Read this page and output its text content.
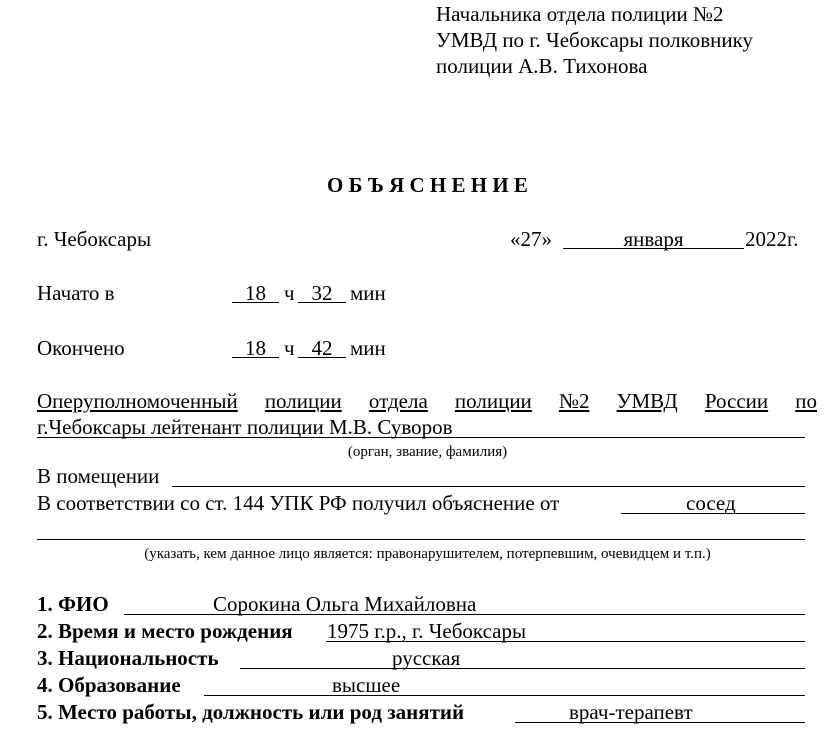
Начальника отдела полиции №2
УМВД по г. Чебоксары полковнику
полиции А.В. Тихонова
О Б Ъ Я С Н Е Н И Е
г. Чебоксары	«27»	января	2022г.
Начато в	18 ч 32 мин
Окончено	18 ч 42 мин
Оперуполномоченный полиции отдела полиции №2 УМВД России по
г.Чебоксары лейтенант полиции М.В. Суворов
(орган, звание, фамилия)
В помещении
В соответствии со ст. 144 УПК РФ получил объяснение от	сосед
(указать, кем данное лицо является: правонарушителем, потерпевшим, очевидцем и т.п.)
1. ФИО	Сорокина Ольга Михайловна
2. Время и место рождения 1975 г.р., г. Чебоксары
3. Национальность	русская
4. Образование	высшее
5. Место работы, должность или род занятий	врач-терапевт
